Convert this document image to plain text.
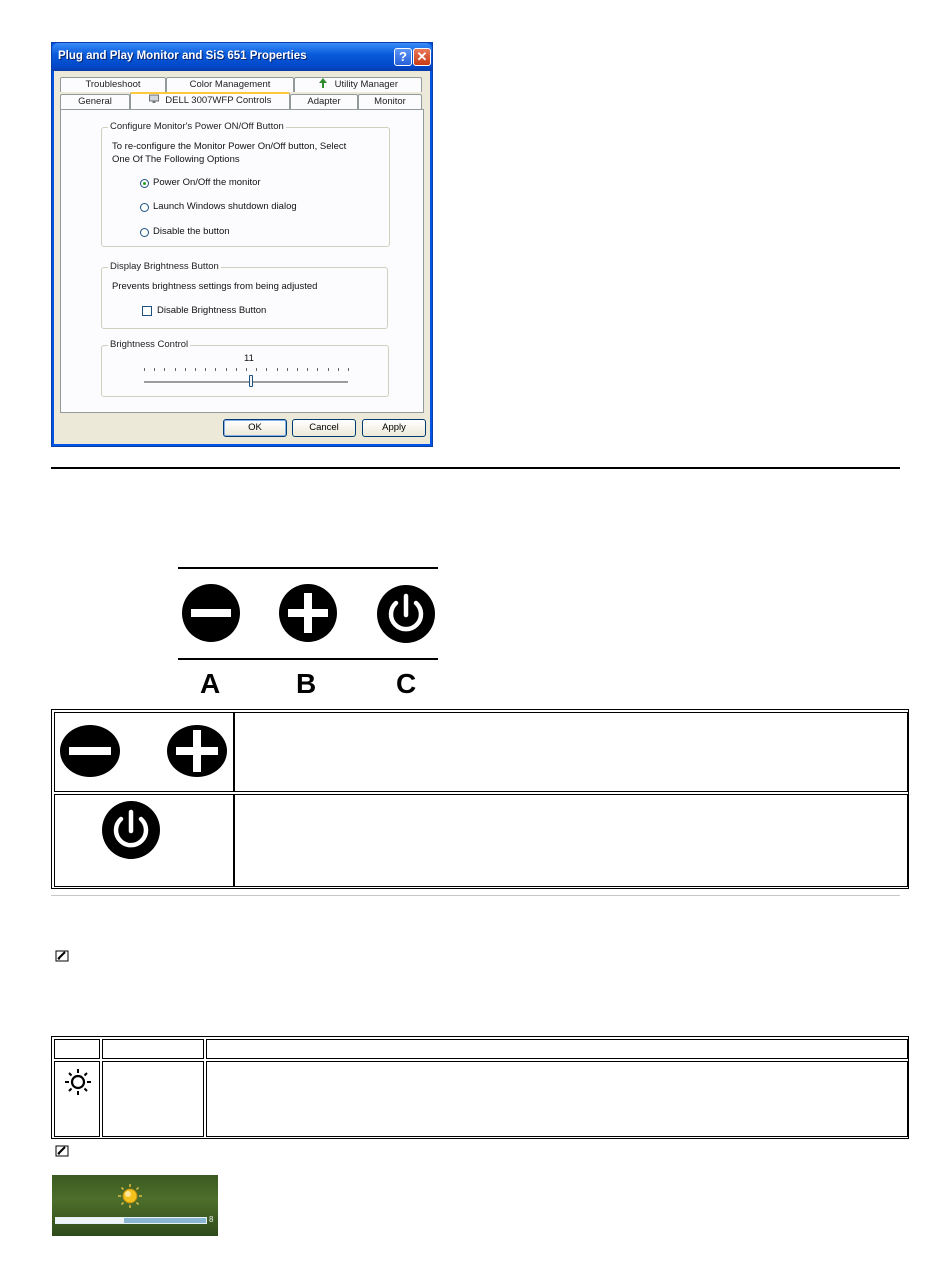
Plug and Play Monitor and SiS 651 Properties	? ✕
Troubleshoot	Color Management	Utility Manager
General	DELL 3007WFP Controls	Adapter	Monitor
Configure Monitor's Power ON/Off Button
To re-configure the Monitor Power On/Off button, Select
One Of The Following Options
Power On/Off the monitor
Launch Windows shutdown dialog
Disable the button
Display Brightness Button
Prevents brightness settings from being adjusted
Disable Brightness Button
Brightness Control
11
OK	Cancel	Apply
A	B	C
8
